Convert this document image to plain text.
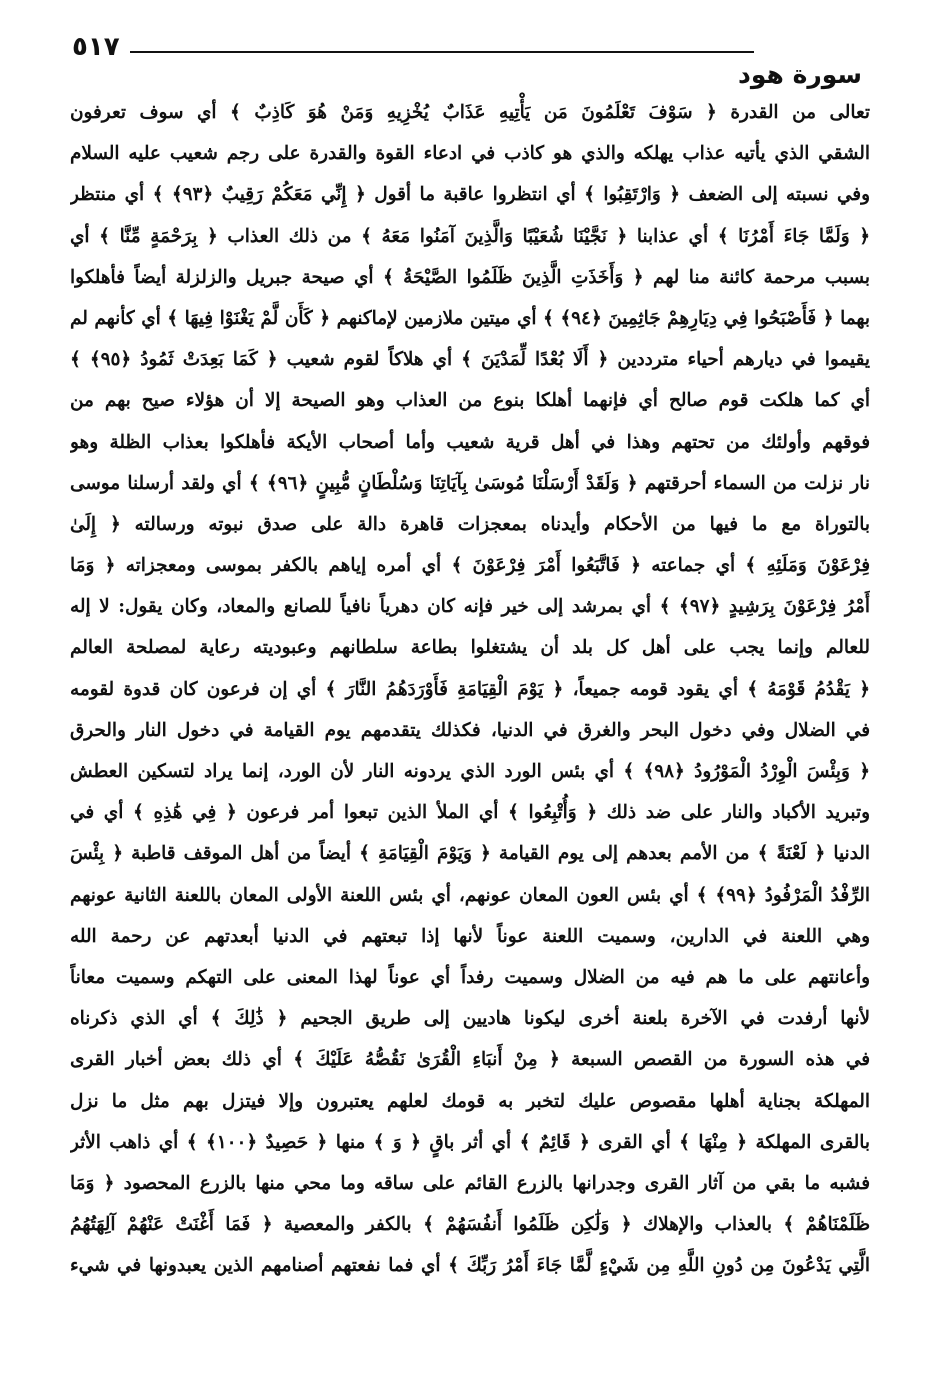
٥١٧
سورة هود
تعالى من القدرة ﴿ سَوْفَ تَعْلَمُونَ مَن يَأْتِيهِ عَذَابٌ يُخْزِيهِ وَمَنْ هُوَ كَاذِبٌ ﴾ أي سوف تعرفون
الشقي الذي يأتيه عذاب يهلكه والذي هو كاذب في ادعاء القوة والقدرة على رجم شعيب عليه السلام
وفي نسبته إلى الضعف ﴿ وَارْتَقِبُوا ﴾ أي انتظروا عاقبة ما أقول ﴿ إِنِّي مَعَكُمْ رَقِيبٌ ﴿٩٣﴾ ﴾ أي منتظر
﴿ وَلَمَّا جَاءَ أَمْرُنَا ﴾ أي عذابنا ﴿ نَجَّيْنَا شُعَيْبًا وَالَّذِينَ آمَنُوا مَعَهُ ﴾ من ذلك العذاب ﴿ بِرَحْمَةٍ مِّنَّا ﴾ أي
بسبب مرحمة كائنة منا لهم ﴿ وَأَخَذَتِ الَّذِينَ ظَلَمُوا الصَّيْحَةُ ﴾ أي صيحة جبريل والزلزلة أيضاً فأهلكوا
بهما ﴿ فَأَصْبَحُوا فِي دِيَارِهِمْ جَاثِمِينَ ﴿٩٤﴾ ﴾ أي ميتين ملازمين لإماكنهم ﴿ كَأَن لَّمْ يَغْنَوْا فِيهَا ﴾ أي كأنهم لم
يقيموا في ديارهم أحياء مترددين ﴿ أَلَا بُعْدًا لِّمَدْيَنَ ﴾ أي هلاكاً لقوم شعيب ﴿ كَمَا بَعِدَتْ ثَمُودُ ﴿٩٥﴾ ﴾
أي كما هلكت قوم صالح أي فإنهما أهلكا بنوع من العذاب وهو الصيحة إلا أن هؤلاء صيح بهم من
فوقهم وأولئك من تحتهم وهذا في أهل قرية شعيب وأما أصحاب الأيكة فأهلكوا بعذاب الظلة وهو
نار نزلت من السماء أحرقتهم ﴿ وَلَقَدْ أَرْسَلْنَا مُوسَىٰ بِآيَاتِنَا وَسُلْطَانٍ مُّبِينٍ ﴿٩٦﴾ ﴾ أي ولقد أرسلنا موسى
بالتوراة مع ما فيها من الأحكام وأيدناه بمعجزات قاهرة دالة على صدق نبوته ورسالته ﴿ إِلَىٰ
فِرْعَوْنَ وَمَلَئِهِ ﴾ أي جماعته ﴿ فَاتَّبَعُوا أَمْرَ فِرْعَوْنَ ﴾ أي أمره إياهم بالكفر بموسى ومعجزاته ﴿ وَمَا
أَمْرُ فِرْعَوْنَ بِرَشِيدٍ ﴿٩٧﴾ ﴾ أي بمرشد إلى خير فإنه كان دهرياً نافياً للصانع والمعاد، وكان يقول: لا إله
للعالم وإنما يجب على أهل كل بلد أن يشتغلوا بطاعة سلطانهم وعبوديته رعاية لمصلحة العالم
﴿ يَقْدُمُ قَوْمَهُ ﴾ أي يقود قومه جميعاً، ﴿ يَوْمَ الْقِيَامَةِ فَأَوْرَدَهُمُ النَّارَ ﴾ أي إن فرعون كان قدوة لقومه
في الضلال وفي دخول البحر والغرق في الدنيا، فكذلك يتقدمهم يوم القيامة في دخول النار والحرق
﴿ وَبِئْسَ الْوِرْدُ الْمَوْرُودُ ﴿٩٨﴾ ﴾ أي بئس الورد الذي يردونه النار لأن الورد، إنما يراد لتسكين العطش
وتبريد الأكباد والنار على ضد ذلك ﴿ وَأُتْبِعُوا ﴾ أي الملأ الذين تبعوا أمر فرعون ﴿ فِي هَٰذِهِ ﴾ أي في
الدنيا ﴿ لَعْنَةً ﴾ من الأمم بعدهم إلى يوم القيامة ﴿ وَيَوْمَ الْقِيَامَةِ ﴾ أيضاً من أهل الموقف قاطبة ﴿ بِئْسَ
الرِّفْدُ الْمَرْفُودُ ﴿٩٩﴾ ﴾ أي بئس العون المعان عونهم، أي بئس اللعنة الأولى المعان باللعنة الثانية عونهم
وهي اللعنة في الدارين، وسميت اللعنة عوناً لأنها إذا تبعتهم في الدنيا أبعدتهم عن رحمة الله
وأعانتهم على ما هم فيه من الضلال وسميت رفداً أي عوناً لهذا المعنى على التهكم وسميت معاناً
لأنها أرفدت في الآخرة بلعنة أخرى ليكونا هاديين إلى طريق الجحيم ﴿ ذَٰلِكَ ﴾ أي الذي ذكرناه
في هذه السورة من القصص السبعة ﴿ مِنْ أَنبَاءِ الْقُرَىٰ نَقُصُّهُ عَلَيْكَ ﴾ أي ذلك بعض أخبار القرى
المهلكة بجناية أهلها مقصوص عليك لتخبر به قومك لعلهم يعتبرون وإلا فيتزل بهم مثل ما نزل
بالقرى المهلكة ﴿ مِنْهَا ﴾ أي القرى ﴿ قَائِمٌ ﴾ أي أثر باقٍ ﴿ وَ ﴾ منها ﴿ حَصِيدٌ ﴿١٠٠﴾ ﴾ أي ذاهب الأثر
فشبه ما بقي من آثار القرى وجدرانها بالزرع القائم على ساقه وما محي منها بالزرع المحصود ﴿ وَمَا
ظَلَمْنَاهُمْ ﴾ بالعذاب والإهلاك ﴿ وَلَٰكِن ظَلَمُوا أَنفُسَهُمْ ﴾ بالكفر والمعصية ﴿ فَمَا أَغْنَتْ عَنْهُمْ آلِهَتُهُمُ
الَّتِي يَدْعُونَ مِن دُونِ اللَّهِ مِن شَيْءٍ لَّمَّا جَاءَ أَمْرُ رَبِّكَ ﴾ أي فما نفعتهم أصنامهم الذين يعبدونها في شيء
